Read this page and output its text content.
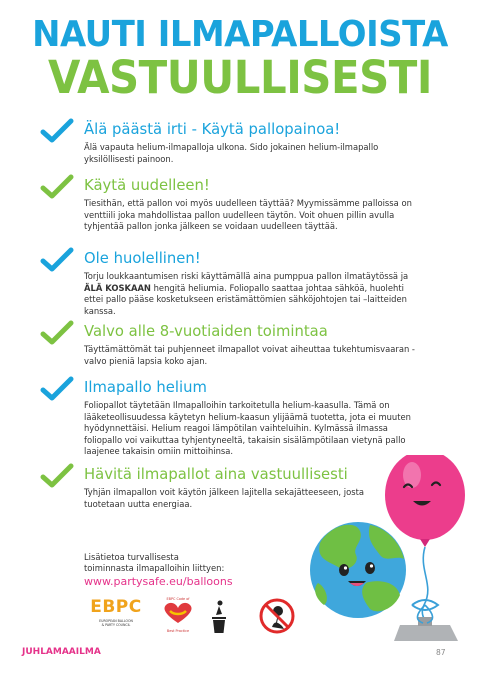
NAUTI ILMAPALLOISTA
VASTUULLISESTI
Älä päästä irti - Käytä pallopainoa!

Älä vapauta helium-ilmapalloja ulkona. Sido jokainen helium-ilmapallo yksilöllisesti painoon.

Käytä uudelleen!

Tiesithän, että pallon voi myös uudelleen täyttää? Myymissämme palloissa on venttiili joka mahdollistaa pallon uudelleen täytön. Voit ohuen pillin avulla tyhjentää pallon jonka jälkeen se voidaan uudelleen täyttää.

Ole huolellinen!

Torju loukkaantumisen riski käyttämällä aina pumppua pallon ilmatäytössä ja ÄLÄ KOSKAAN hengitä heliumia. Foliopallo saattaa johtaa sähköä, huolehti ettei pallo pääse kosketukseen eristämättömien sähköjohtojen tai –laitteiden kanssa.

Valvo alle 8-vuotiaiden toimintaa

Täyttämättömät tai puhjenneet ilmapallot voivat aiheuttaa tukehtumisvaaran - valvo pieniä lapsia koko ajan.

Ilmapallo helium

Foliopallot täytetään Ilmapalloihin tarkoitetulla helium-kaasulla. Tämä on lääketeollisuudessa käytetyn helium-kaasun ylijäämä tuotetta, jota ei muuten hyödynnettäisi. Helium reagoi lämpötilan vaihteluihin. Kylmässä ilmassa foliopallo voi vaikuttaa tyhjentyneeltä, takaisin sisälämpötilaan vietynä pallo laajenee takaisin omiin mittoihinsa.

Hävitä ilmapallot aina vastuullisesti

Tyhjän ilmapallon voit käytön jälkeen lajitella sekajätteeseen, josta tuotetaan uutta energiaa.

Lisätietoa turvallisesta
toiminnasta ilmapalloihin liittyen:
www.partysafe.eu/balloons
EBPC
EUROPEAN BALLOON
& PARTY COUNCIL
EBPC Code of
Best Practice
JUHLAMAAILMA	87
